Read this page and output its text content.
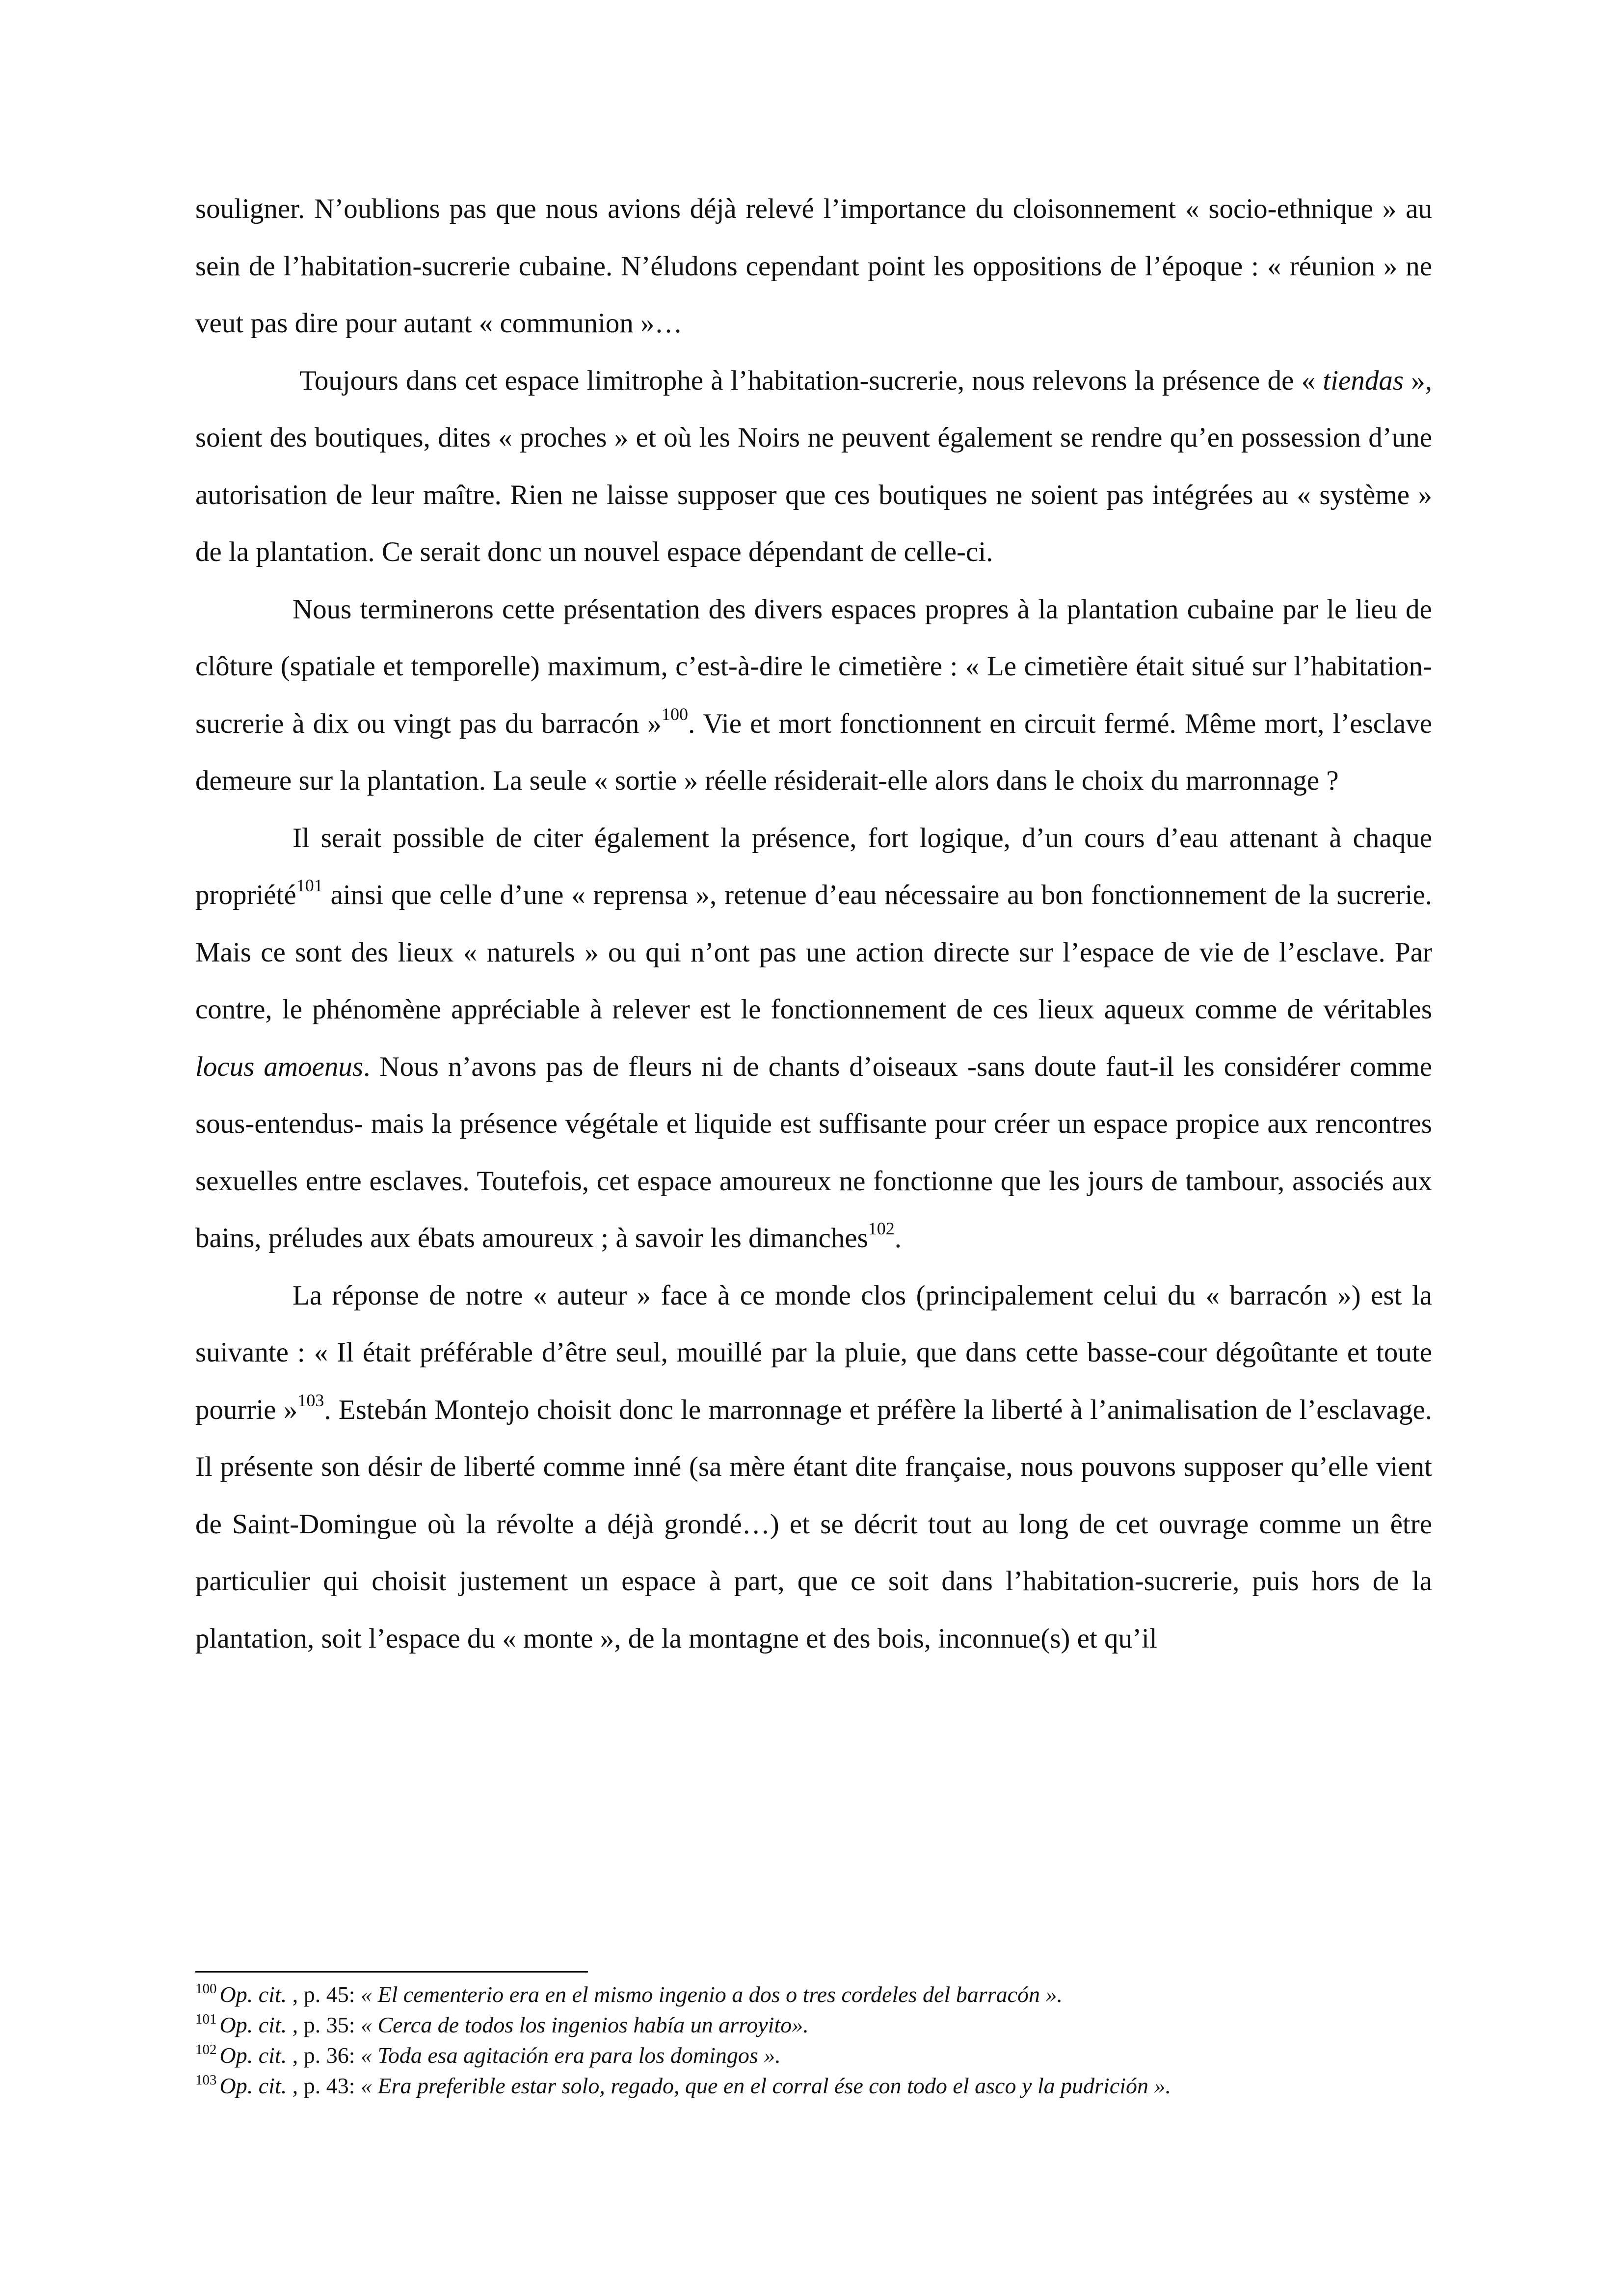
souligner. N’oublions pas que nous avions déjà relevé l’importance du cloisonnement « socio-ethnique » au sein de l’habitation-sucrerie cubaine. N’éludons cependant point les oppositions de l’époque : « réunion » ne veut pas dire pour autant « communion »…

Toujours dans cet espace limitrophe à l’habitation-sucrerie, nous relevons la présence de « tiendas », soient des boutiques, dites « proches » et où les Noirs ne peuvent également se rendre qu’en possession d’une autorisation de leur maître. Rien ne laisse supposer que ces boutiques ne soient pas intégrées au « système » de la plantation. Ce serait donc un nouvel espace dépendant de celle-ci.

Nous terminerons cette présentation des divers espaces propres à la plantation cubaine par le lieu de clôture (spatiale et temporelle) maximum, c’est-à-dire le cimetière : « Le cimetière était situé sur l’habitation-sucrerie à dix ou vingt pas du barracón »$^{100}$. Vie et mort fonctionnent en circuit fermé. Même mort, l’esclave demeure sur la plantation. La seule « sortie » réelle résiderait-elle alors dans le choix du marronnage ?

Il serait possible de citer également la présence, fort logique, d’un cours d’eau attenant à chaque propriété$^{101}$ ainsi que celle d’une « reprensa », retenue d’eau nécessaire au bon fonctionnement de la sucrerie. Mais ce sont des lieux « naturels » ou qui n’ont pas une action directe sur l’espace de vie de l’esclave. Par contre, le phénomène appréciable à relever est le fonctionnement de ces lieux aqueux comme de véritables locus amoenus. Nous n’avons pas de fleurs ni de chants d’oiseaux -sans doute faut-il les considérer comme sous-entendus- mais la présence végétale et liquide est suffisante pour créer un espace propice aux rencontres sexuelles entre esclaves. Toutefois, cet espace amoureux ne fonctionne que les jours de tambour, associés aux bains, préludes aux ébats amoureux ; à savoir les dimanches$^{102}$.

La réponse de notre « auteur » face à ce monde clos (principalement celui du « barracón ») est la suivante : « Il était préférable d’être seul, mouillé par la pluie, que dans cette basse-cour dégoûtante et toute pourrie »$^{103}$. Estebán Montejo choisit donc le marronnage et préfère la liberté à l’animalisation de l’esclavage. Il présente son désir de liberté comme inné (sa mère étant dite française, nous pouvons supposer qu’elle vient de Saint-Domingue où la révolte a déjà grondé…) et se décrit tout au long de cet ouvrage comme un être particulier qui choisit justement un espace à part, que ce soit dans l’habitation-sucrerie, puis hors de la plantation, soit l’espace du « monte », de la montagne et des bois, inconnue(s) et qu’il

$^{100}$ Op. cit. , p. 45: « El cementerio era en el mismo ingenio a dos o tres cordeles del barracón ».

$^{101}$ Op. cit. , p. 35: « Cerca de todos los ingenios había un arroyito».

$^{102}$ Op. cit. , p. 36: « Toda esa agitación era para los domingos ».

$^{103}$ Op. cit. , p. 43: « Era preferible estar solo, regado, que en el corral ése con todo el asco y la pudrición ».
